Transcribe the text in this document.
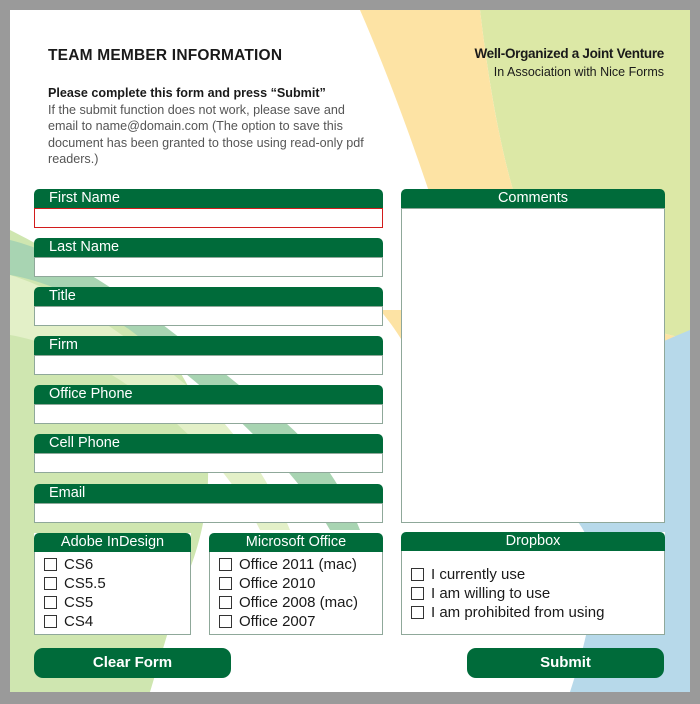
TEAM MEMBER INFORMATION	Well-Organized a Joint Venture
In Association with Nice Forms
Please complete this form and press “Submit”
If the submit function does not work, please save and email to name@domain.com (The option to save this document has been granted to those using read-only pdf readers.)
First Name
Last Name
Title
Firm
Office Phone
Cell Phone
Email
Comments
Adobe InDesign
CS6
CS5.5
CS5
CS4
Microsoft Office
Office 2011 (mac)
Office 2010
Office 2008 (mac)
Office 2007
Dropbox
I currently use
I am willing to use
I am prohibited from using
Clear Form	Submit
